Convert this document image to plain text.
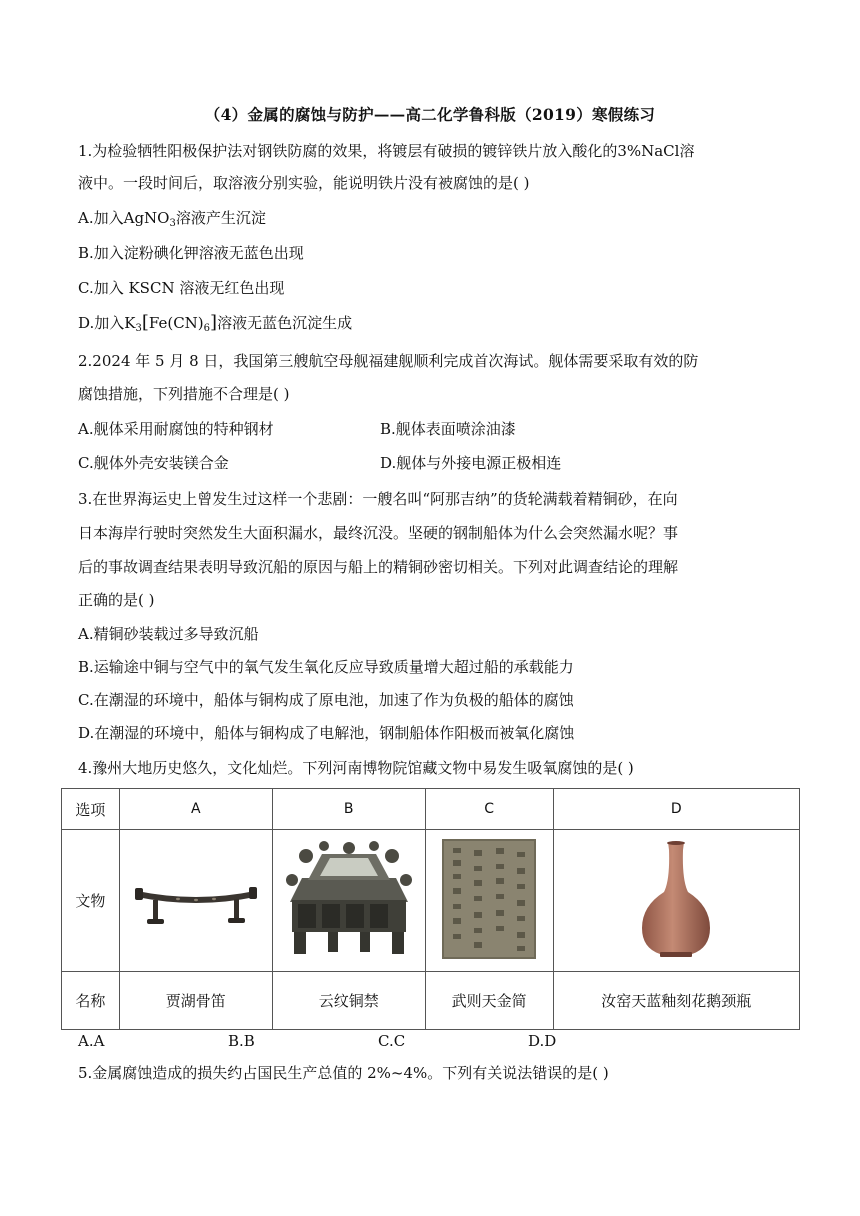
（4）金属的腐蚀与防护——高二化学鲁科版（2019）寒假练习
1.为检验牺牲阳极保护法对钢铁防腐的效果，将镀层有破损的镀锌铁片放入酸化的3%NaCl溶
液中。一段时间后，取溶液分别实验，能说明铁片没有被腐蚀的是( )
A.加入AgNO$_3$溶液产生沉淀
B.加入淀粉碘化钾溶液无蓝色出现
C.加入 KSCN 溶液无红色出现
D.加入$K_3[Fe(CN)_6]$溶液无蓝色沉淀生成
2.2024 年 5 月 8 日，我国第三艘航空母舰福建舰顺利完成首次海试。舰体需要采取有效的防
腐蚀措施，下列措施不合理是( )
A.舰体采用耐腐蚀的特种钢材	B.舰体表面喷涂油漆
C.舰体外壳安装镁合金	D.舰体与外接电源正极相连
3.在世界海运史上曾发生过这样一个悲剧：一艘名叫“阿那吉纳”的货轮满载着精铜砂，在向
日本海岸行驶时突然发生大面积漏水，最终沉没。坚硬的钢制船体为什么会突然漏水呢？事
后的事故调查结果表明导致沉船的原因与船上的精铜砂密切相关。下列对此调查结论的理解
正确的是( )
A.精铜砂装载过多导致沉船
B.运输途中铜与空气中的氧气发生氧化反应导致质量增大超过船的承载能力
C.在潮湿的环境中，船体与铜构成了原电池，加速了作为负极的船体的腐蚀
D.在潮湿的环境中，船体与铜构成了电解池，钢制船体作阳极而被氧化腐蚀
4.豫州大地历史悠久，文化灿烂。下列河南博物院馆藏文物中易发生吸氧腐蚀的是( )
选项	A	B	C	D
文物				
名称	贾湖骨笛	云纹铜禁	武则天金简	汝窑天蓝釉刻花鹅颈瓶
A.A	B.B	C.C	D.D
5.金属腐蚀造成的损失约占国民生产总值的 2%~4%。下列有关说法错误的是( )
